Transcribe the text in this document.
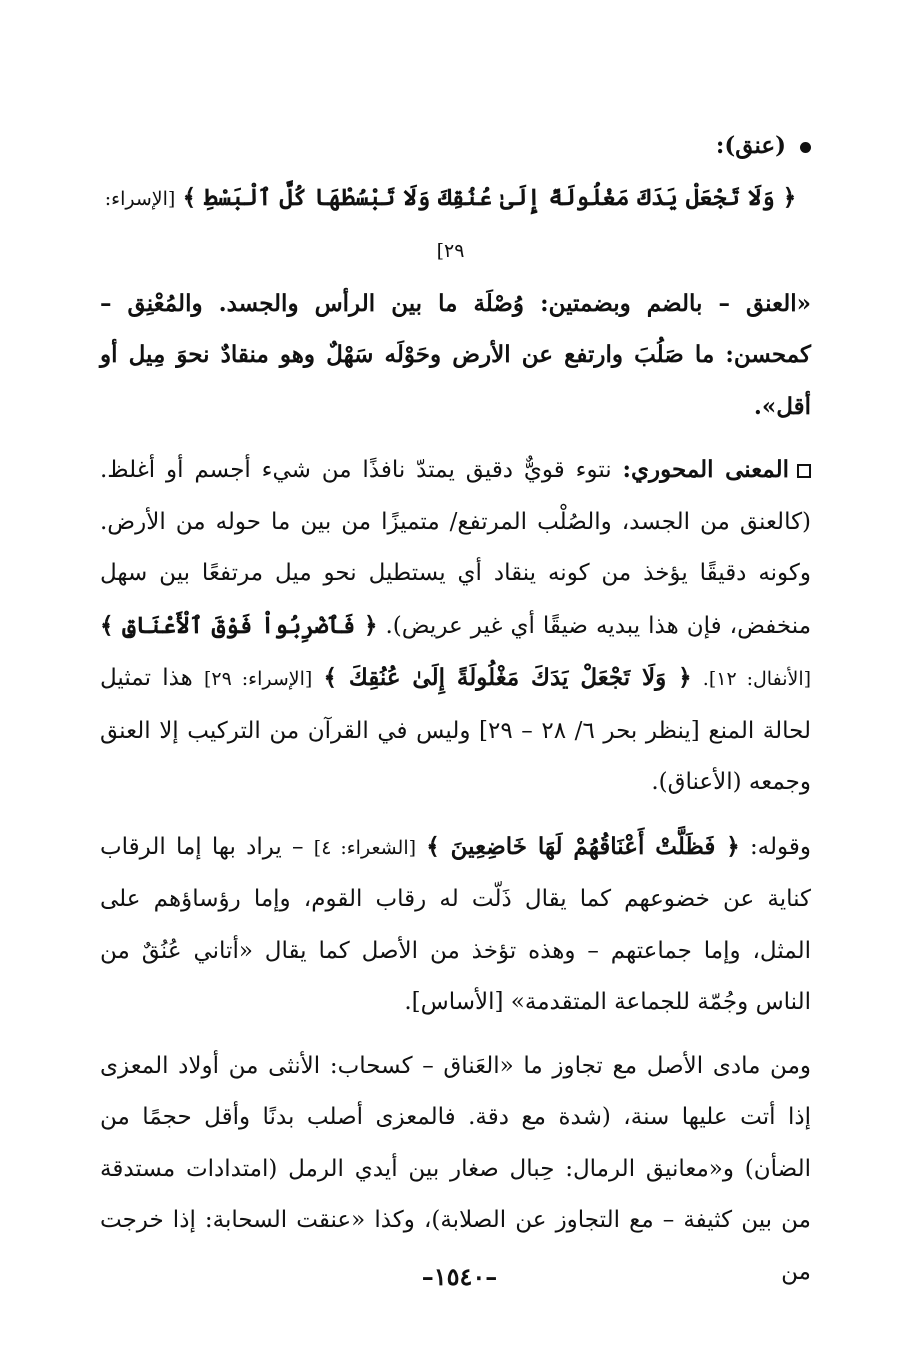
(عنق):

﴿ وَلَا تَجْعَلْ يَدَكَ مَغْلُولَةً إِلَىٰ عُنُقِكَ وَلَا تَبْسُطْهَا كُلَّ ٱلْبَسْطِ ﴾ [الإسراء: ٢٩]

«العنق – بالضم وبضمتين: وُصْلَة ما بين الرأس والجسد. والمُعْنِق – كمحسن: ما صَلُبَ وارتفع عن الأرض وحَوْلَه سَهْلٌ وهو منقادٌ نحوَ مِيل أو أقل».

المعنى المحوري: نتوء قويٌّ دقيق يمتدّ نافذًا من شيء أجسم أو أغلظ. (كالعنق من الجسد، والصُلْب المرتفع/ متميزًا من بين ما حوله من الأرض. وكونه دقيقًا يؤخذ من كونه ينقاد أي يستطيل نحو ميل مرتفعًا بين سهل منخفض، فإن هذا يبديه ضيقًا أي غير عريض). ﴿ فَٱضْرِبُواْ فَوْقَ ٱلْأَعْنَاقِ ﴾ [الأنفال: ١٢]. ﴿ وَلَا تَجْعَلْ يَدَكَ مَغْلُولَةً إِلَىٰ عُنُقِكَ ﴾ [الإسراء: ٢٩] هذا تمثيل لحالة المنع [ينظر بحر ٦/ ٢٨ – ٢٩] وليس في القرآن من التركيب إلا العنق وجمعه (الأعناق).

وقوله: ﴿ فَظَلَّتْ أَعْنَاقُهُمْ لَهَا خَاضِعِينَ ﴾ [الشعراء: ٤] – يراد بها إما الرقاب كناية عن خضوعهم كما يقال ذَلّت له رقاب القوم، وإما رؤساؤهم على المثل، وإما جماعتهم – وهذه تؤخذ من الأصل كما يقال «أتاني عُنُقٌ من الناس وجُمّة للجماعة المتقدمة» [الأساس].

ومن مادى الأصل مع تجاوز ما «العَناق – كسحاب: الأنثى من أولاد المعزى إذا أتت عليها سنة، (شدة مع دقة. فالمعزى أصلب بدنًا وأقل حجمًا من الضأن) و«معانيق الرمال: حِبال صغار بين أيدي الرمل (امتدادات مستدقة من بين كثيفة – مع التجاوز عن الصلابة)، وكذا «عنقت السحابة: إذا خرجت من

–١٥٤٠–
